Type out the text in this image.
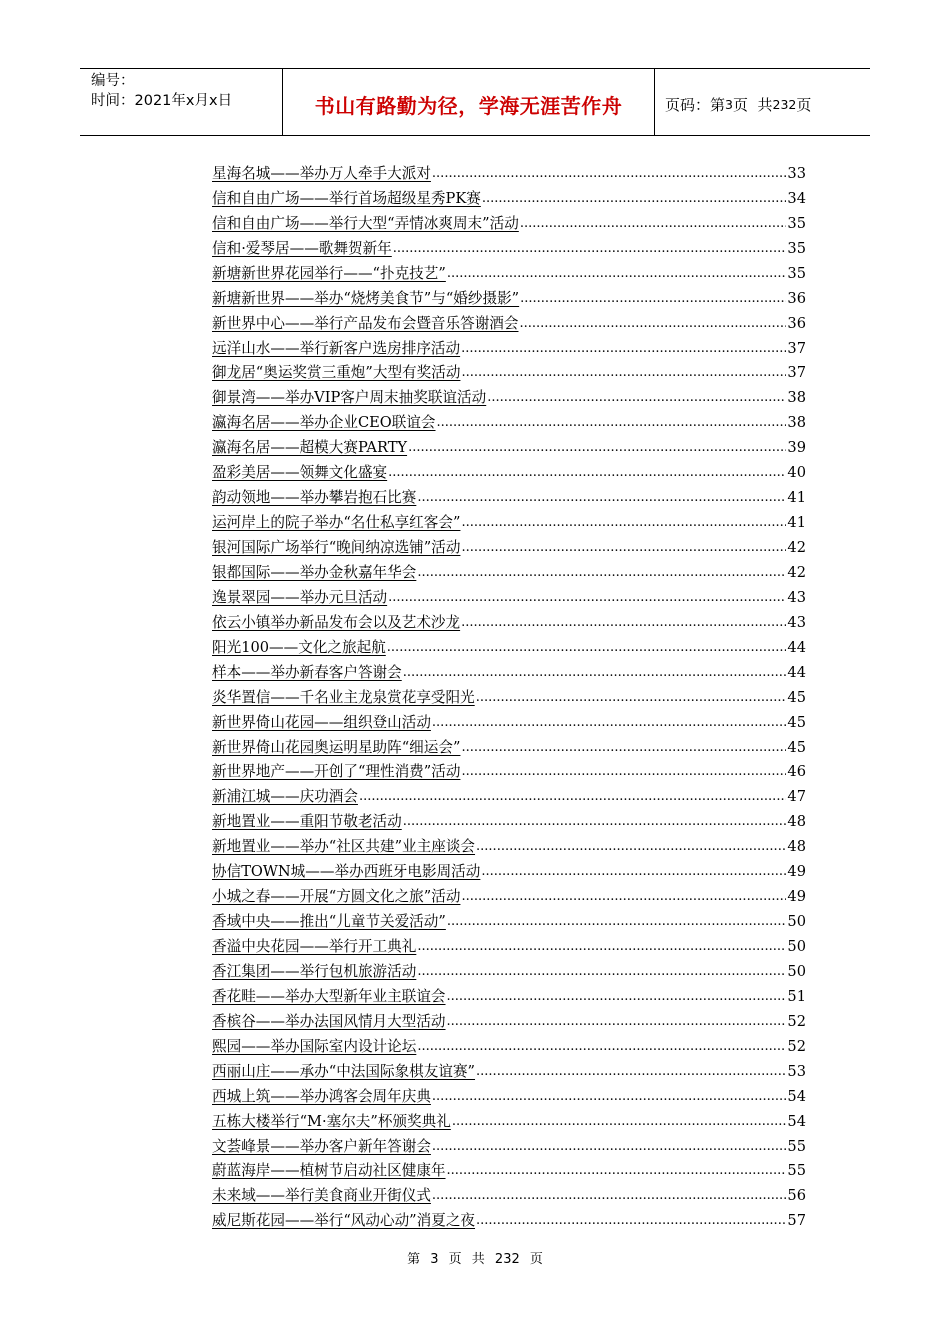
编号：
时间：2021年x月x日	书山有路勤为径，学海无涯苦作舟	页码：第 3 页  共 232 页
星海名城——举办万人牵手大派对 .....	33
信和自由广场——举行首场超级星秀PK赛 .....	34
信和自由广场——举行大型“弄情冰爽周末”活动 .....	35
信和·爱琴居——歌舞贺新年 .....	35
新塘新世界花园举行——“扑克技艺” .....	35
新塘新世界——举办“烧烤美食节”与“婚纱摄影” .....	36
新世界中心——举行产品发布会暨音乐答谢酒会 .....	36
远洋山水——举行新客户选房排序活动 .....	37
御龙居“奥运奖赏三重炮”大型有奖活动 .....	37
御景湾——举办VIP客户周末抽奖联谊活动 .....	38
瀛海名居——举办企业CEO联谊会 .....	38
瀛海名居——超模大赛PARTY .....	39
盈彩美居——领舞文化盛宴 .....	40
韵动领地——举办攀岩抱石比赛 .....	41
运河岸上的院子举办“名仕私享红客会” .....	41
银河国际广场举行“晚间纳凉选铺”活动 .....	42
银都国际——举办金秋嘉年华会 .....	42
逸景翠园——举办元旦活动 .....	43
依云小镇举办新品发布会以及艺术沙龙 .....	43
阳光100——文化之旅起航 .....	44
样本——举办新春客户答谢会 .....	44
炎华置信——千名业主龙泉赏花享受阳光 .....	45
新世界倚山花园——组织登山活动 .....	45
新世界倚山花园奥运明星助阵“细运会” .....	45
新世界地产——开创了“理性消费”活动 .....	46
新浦江城——庆功酒会 .....	47
新地置业——重阳节敬老活动 .....	48
新地置业——举办“社区共建”业主座谈会 .....	48
协信TOWN城——举办西班牙电影周活动 .....	49
小城之春——开展“方圆文化之旅”活动 .....	49
香域中央——推出“儿童节关爱活动” .....	50
香溢中央花园——举行开工典礼 .....	50
香江集团——举行包机旅游活动 .....	50
香花畦——举办大型新年业主联谊会 .....	51
香槟谷——举办法国风情月大型活动 .....	52
熙园——举办国际室内设计论坛 .....	52
西丽山庄——承办“中法国际象棋友谊赛” .....	53
西城上筑——举办鸿客会周年庆典 .....	54
五栋大楼举行“M·塞尔夫”杯颁奖典礼 .....	54
文荟峰景——举办客户新年答谢会 .....	55
蔚蓝海岸——植树节启动社区健康年 .....	55
未来域——举行美食商业开街仪式 .....	56
威尼斯花园——举行“风动心动”消夏之夜 .....	57
第 3 页 共 232 页
